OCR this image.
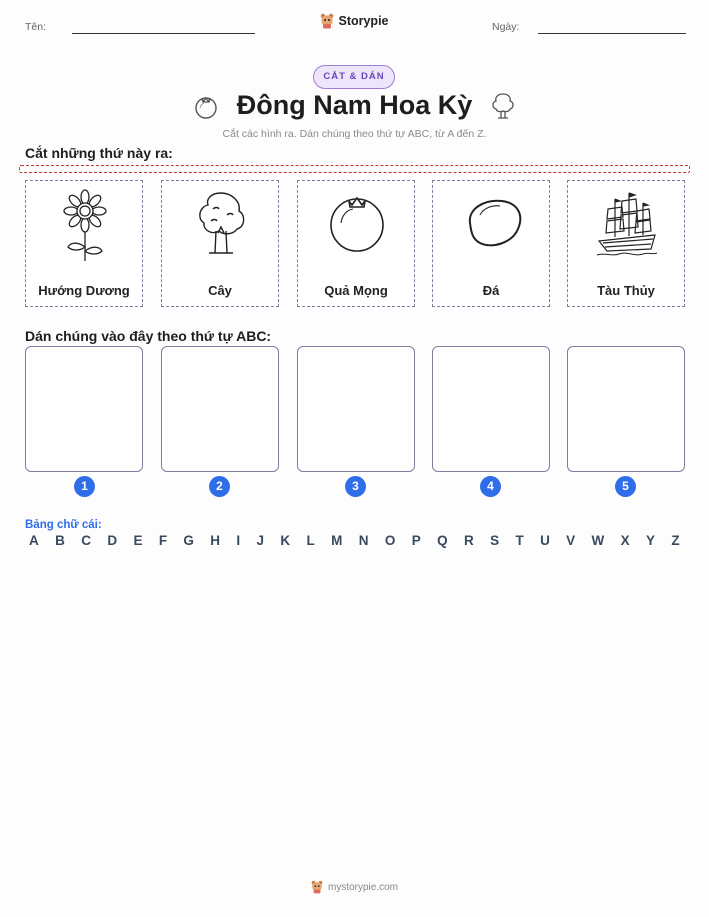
Tên:	Storypie	Ngày:
CẮT & DÁN
Đông Nam Hoa Kỳ
Cắt các hình ra. Dán chúng theo thứ tự ABC, từ A đến Z.
Cắt những thứ này ra:
Hướng Dương	Cây	Quả Mọng	Đá	Tàu Thủy
Dán chúng vào đây theo thứ tự ABC:
1	2	3	4	5
Bảng chữ cái:
A B C D E F G H I J K L M N O P Q R S T U V W X Y Z
mystorypie.com
